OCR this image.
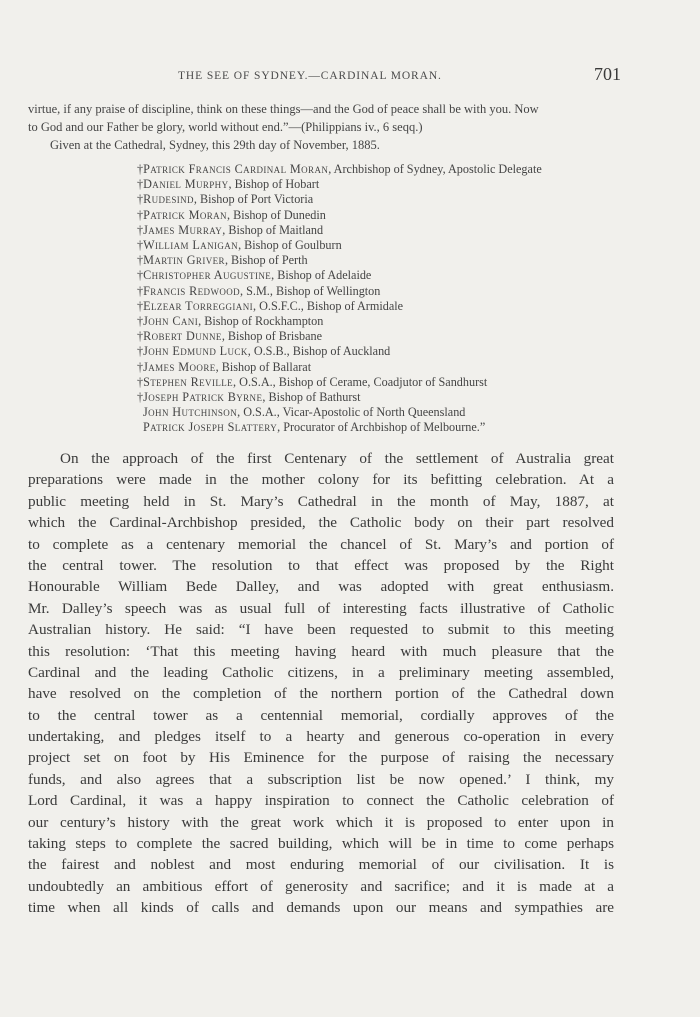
THE SEE OF SYDNEY.—CARDINAL MORAN.	701
virtue, if any praise of discipline, think on these things—and the God of peace shall be with you. Now
to God and our Father be glory, world without end.”—(Philippians iv., 6 seqq.)
Given at the Cathedral, Sydney, this 29th day of November, 1885.
†Patrick Francis Cardinal Moran, Archbishop of Sydney, Apostolic Delegate
†Daniel Murphy, Bishop of Hobart
†Rudesind, Bishop of Port Victoria
†Patrick Moran, Bishop of Dunedin
†James Murray, Bishop of Maitland
†William Lanigan, Bishop of Goulburn
†Martin Griver, Bishop of Perth
†Christopher Augustine, Bishop of Adelaide
†Francis Redwood, S.M., Bishop of Wellington
†Elzear Torreggiani, O.S.F.C., Bishop of Armidale
†John Cani, Bishop of Rockhampton
†Robert Dunne, Bishop of Brisbane
†John Edmund Luck, O.S.B., Bishop of Auckland
†James Moore, Bishop of Ballarat
†Stephen Reville, O.S.A., Bishop of Cerame, Coadjutor of Sandhurst
†Joseph Patrick Byrne, Bishop of Bathurst
John Hutchinson, O.S.A., Vicar-Apostolic of North Queensland
Patrick Joseph Slattery, Procurator of Archbishop of Melbourne.”
On the approach of the first Centenary of the settlement of Australia great
preparations were made in the mother colony for its befitting celebration. At a
public meeting held in St. Mary’s Cathedral in the month of May, 1887, at
which the Cardinal-Archbishop presided, the Catholic body on their part resolved
to complete as a centenary memorial the chancel of St. Mary’s and portion of
the central tower. The resolution to that effect was proposed by the Right
Honourable William Bede Dalley, and was adopted with great enthusiasm.
Mr. Dalley’s speech was as usual full of interesting facts illustrative of Catholic
Australian history. He said: “I have been requested to submit to this meeting
this resolution: ‘That this meeting having heard with much pleasure that the
Cardinal and the leading Catholic citizens, in a preliminary meeting assembled,
have resolved on the completion of the northern portion of the Cathedral down
to the central tower as a centennial memorial, cordially approves of the
undertaking, and pledges itself to a hearty and generous co-operation in every
project set on foot by His Eminence for the purpose of raising the necessary
funds, and also agrees that a subscription list be now opened.’ I think, my
Lord Cardinal, it was a happy inspiration to connect the Catholic celebration of
our century’s history with the great work which it is proposed to enter upon in
taking steps to complete the sacred building, which will be in time to come perhaps
the fairest and noblest and most enduring memorial of our civilisation. It is
undoubtedly an ambitious effort of generosity and sacrifice; and it is made at a
time when all kinds of calls and demands upon our means and sympathies are
